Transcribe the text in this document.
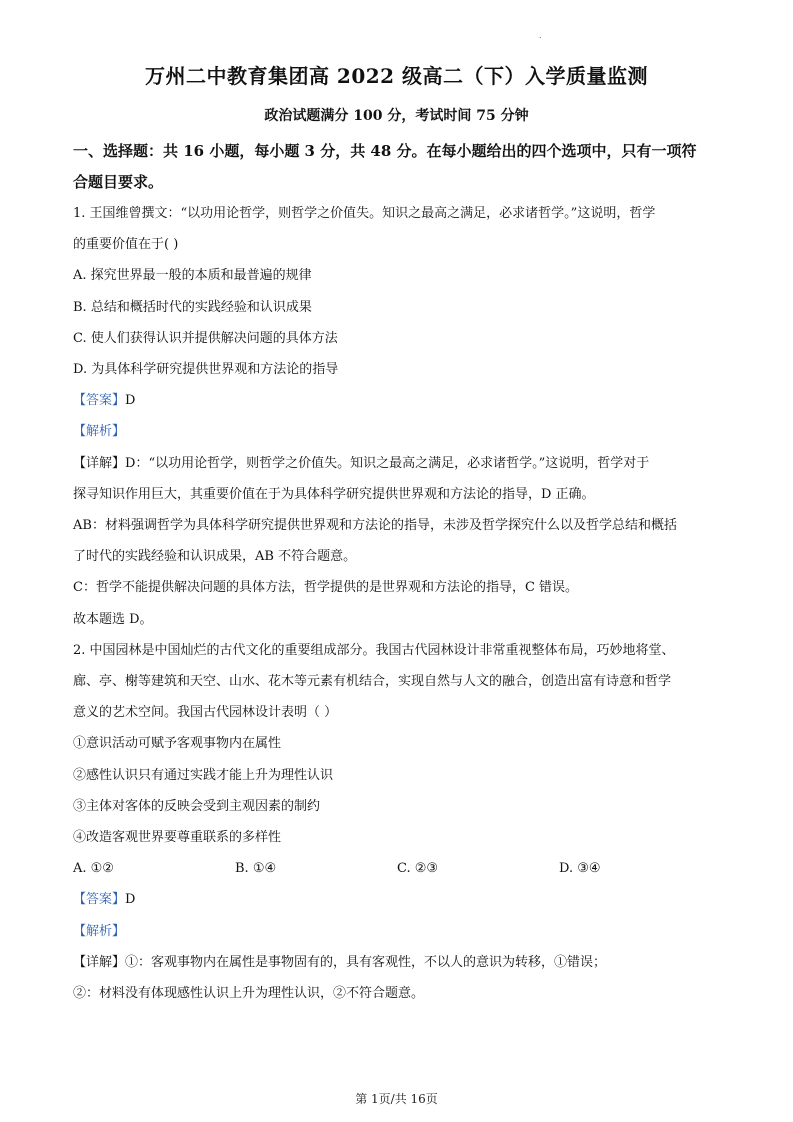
.
万州二中教育集团高 2022 级高二（下）入学质量监测
政治试题满分 100 分，考试时间 75 分钟

一、选择题：共 16 小题，每小题 3 分，共 48 分。在每小题给出的四个选项中，只有一项符

合题目要求。

1. 王国维曾撰文：“以功用论哲学，则哲学之价值失。知识之最高之满足，必求诸哲学。”这说明，哲学

的重要价值在于( )

A. 探究世界最一般的本质和最普遍的规律

B. 总结和概括时代的实践经验和认识成果

C. 使人们获得认识并提供解决问题的具体方法

D. 为具体科学研究提供世界观和方法论的指导

【答案】D

【解析】

【详解】D：“以功用论哲学，则哲学之价值失。知识之最高之满足，必求诸哲学。”这说明，哲学对于

探寻知识作用巨大，其重要价值在于为具体科学研究提供世界观和方法论的指导，D 正确。

AB：材料强调哲学为具体科学研究提供世界观和方法论的指导，未涉及哲学探究什么以及哲学总结和概括

了时代的实践经验和认识成果，AB 不符合题意。

C：哲学不能提供解决问题的具体方法，哲学提供的是世界观和方法论的指导，C 错误。

故本题选 D。

2. 中国园林是中国灿烂的古代文化的重要组成部分。我国古代园林设计非常重视整体布局，巧妙地将堂、

廊、亭、榭等建筑和天空、山水、花木等元素有机结合，实现自然与人文的融合，创造出富有诗意和哲学

意义的艺术空间。我国古代园林设计表明（ ）

①意识活动可赋予客观事物内在属性

②感性认识只有通过实践才能上升为理性认识

③主体对客体的反映会受到主观因素的制约

④改造客观世界要尊重联系的多样性

A. ①②	B. ①④	C. ②③	D. ③④

【答案】D

【解析】

【详解】①：客观事物内在属性是事物固有的，具有客观性，不以人的意识为转移，①错误；

②：材料没有体现感性认识上升为理性认识，②不符合题意。

第 1页/共 16页
